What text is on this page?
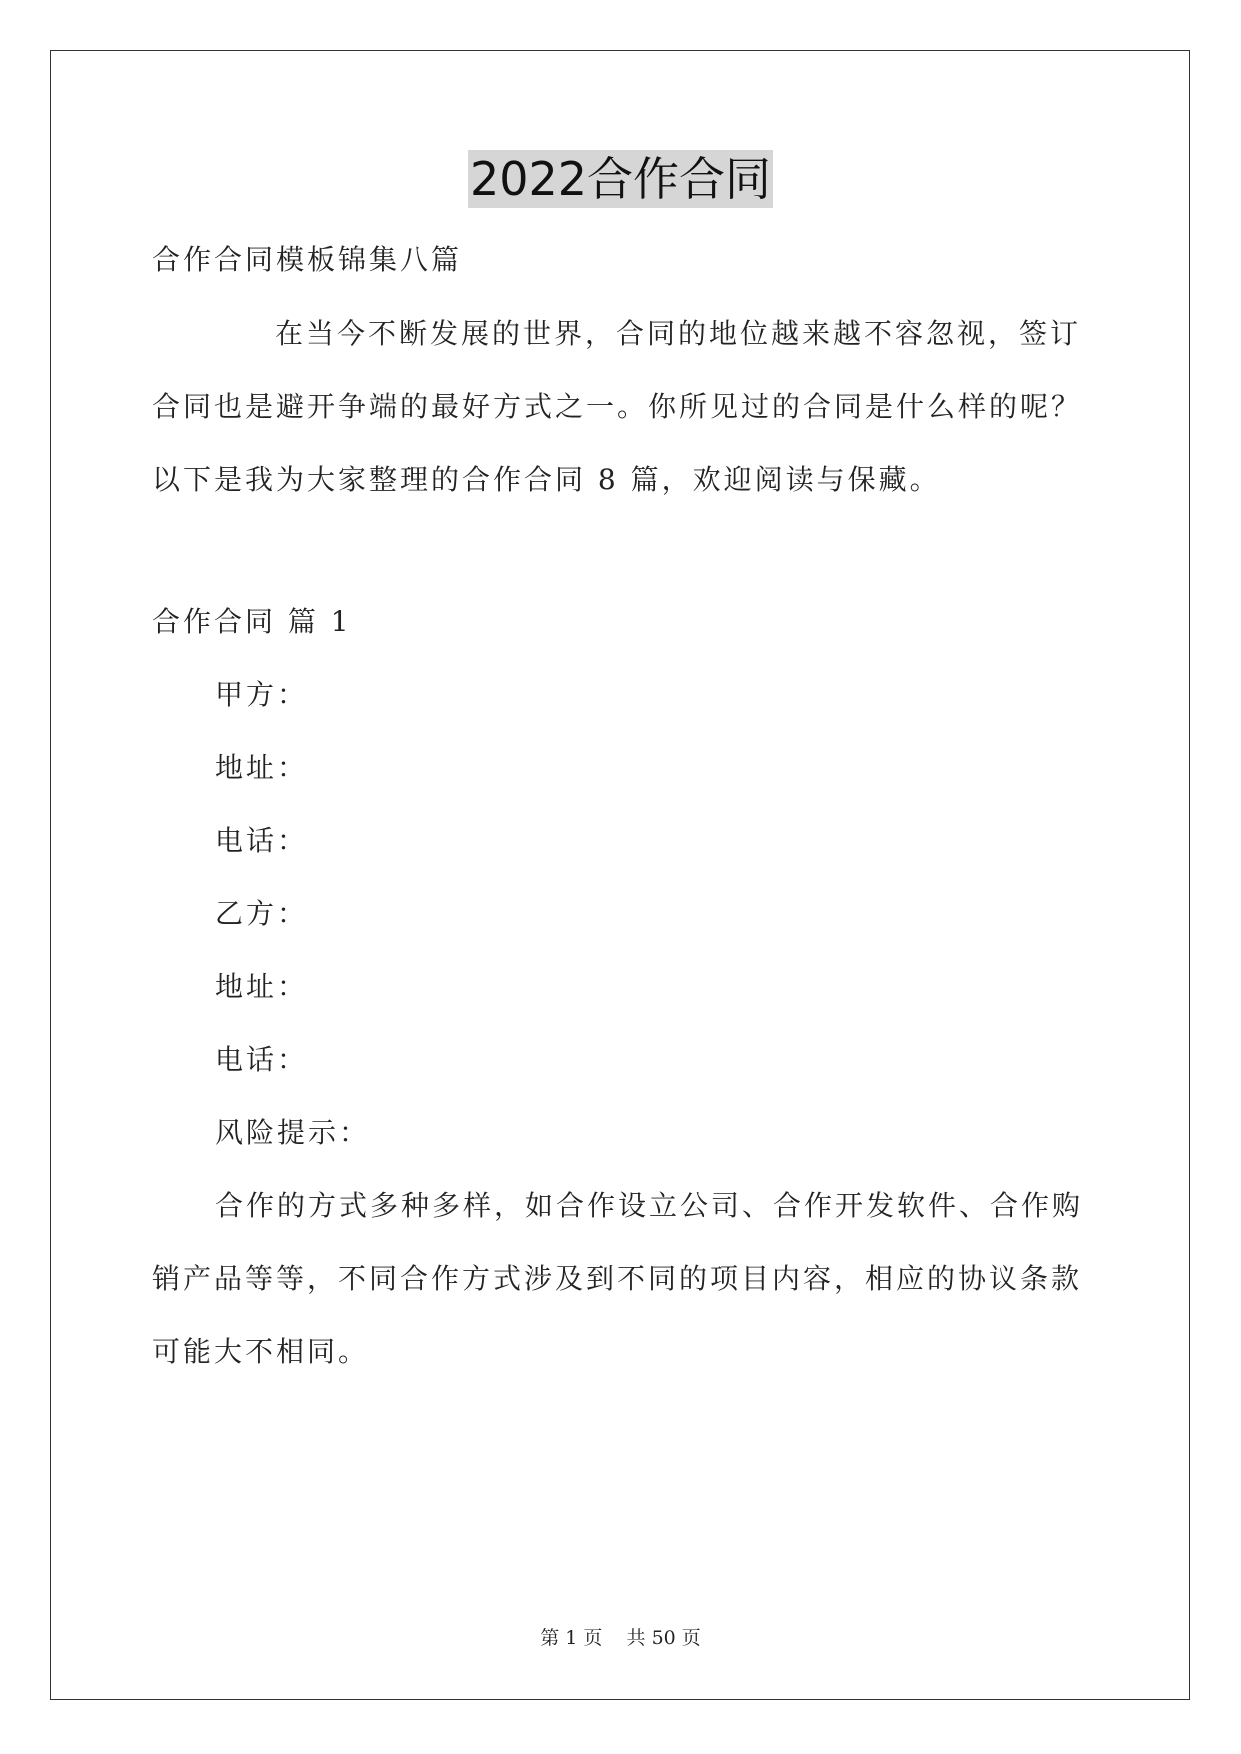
2022合作合同
合作合同模板锦集八篇
在当今不断发展的世界，合同的地位越来越不容忽视，签订
合同也是避开争端的最好方式之一。你所见过的合同是什么样的呢？
以下是我为大家整理的合作合同 8 篇，欢迎阅读与保藏。
合作合同 篇 1
甲方：
地址：
电话：
乙方：
地址：
电话：
风险提示：
合作的方式多种多样，如合作设立公司、合作开发软件、合作购
销产品等等，不同合作方式涉及到不同的项目内容，相应的协议条款
可能大不相同。
第 1 页 共 50 页
